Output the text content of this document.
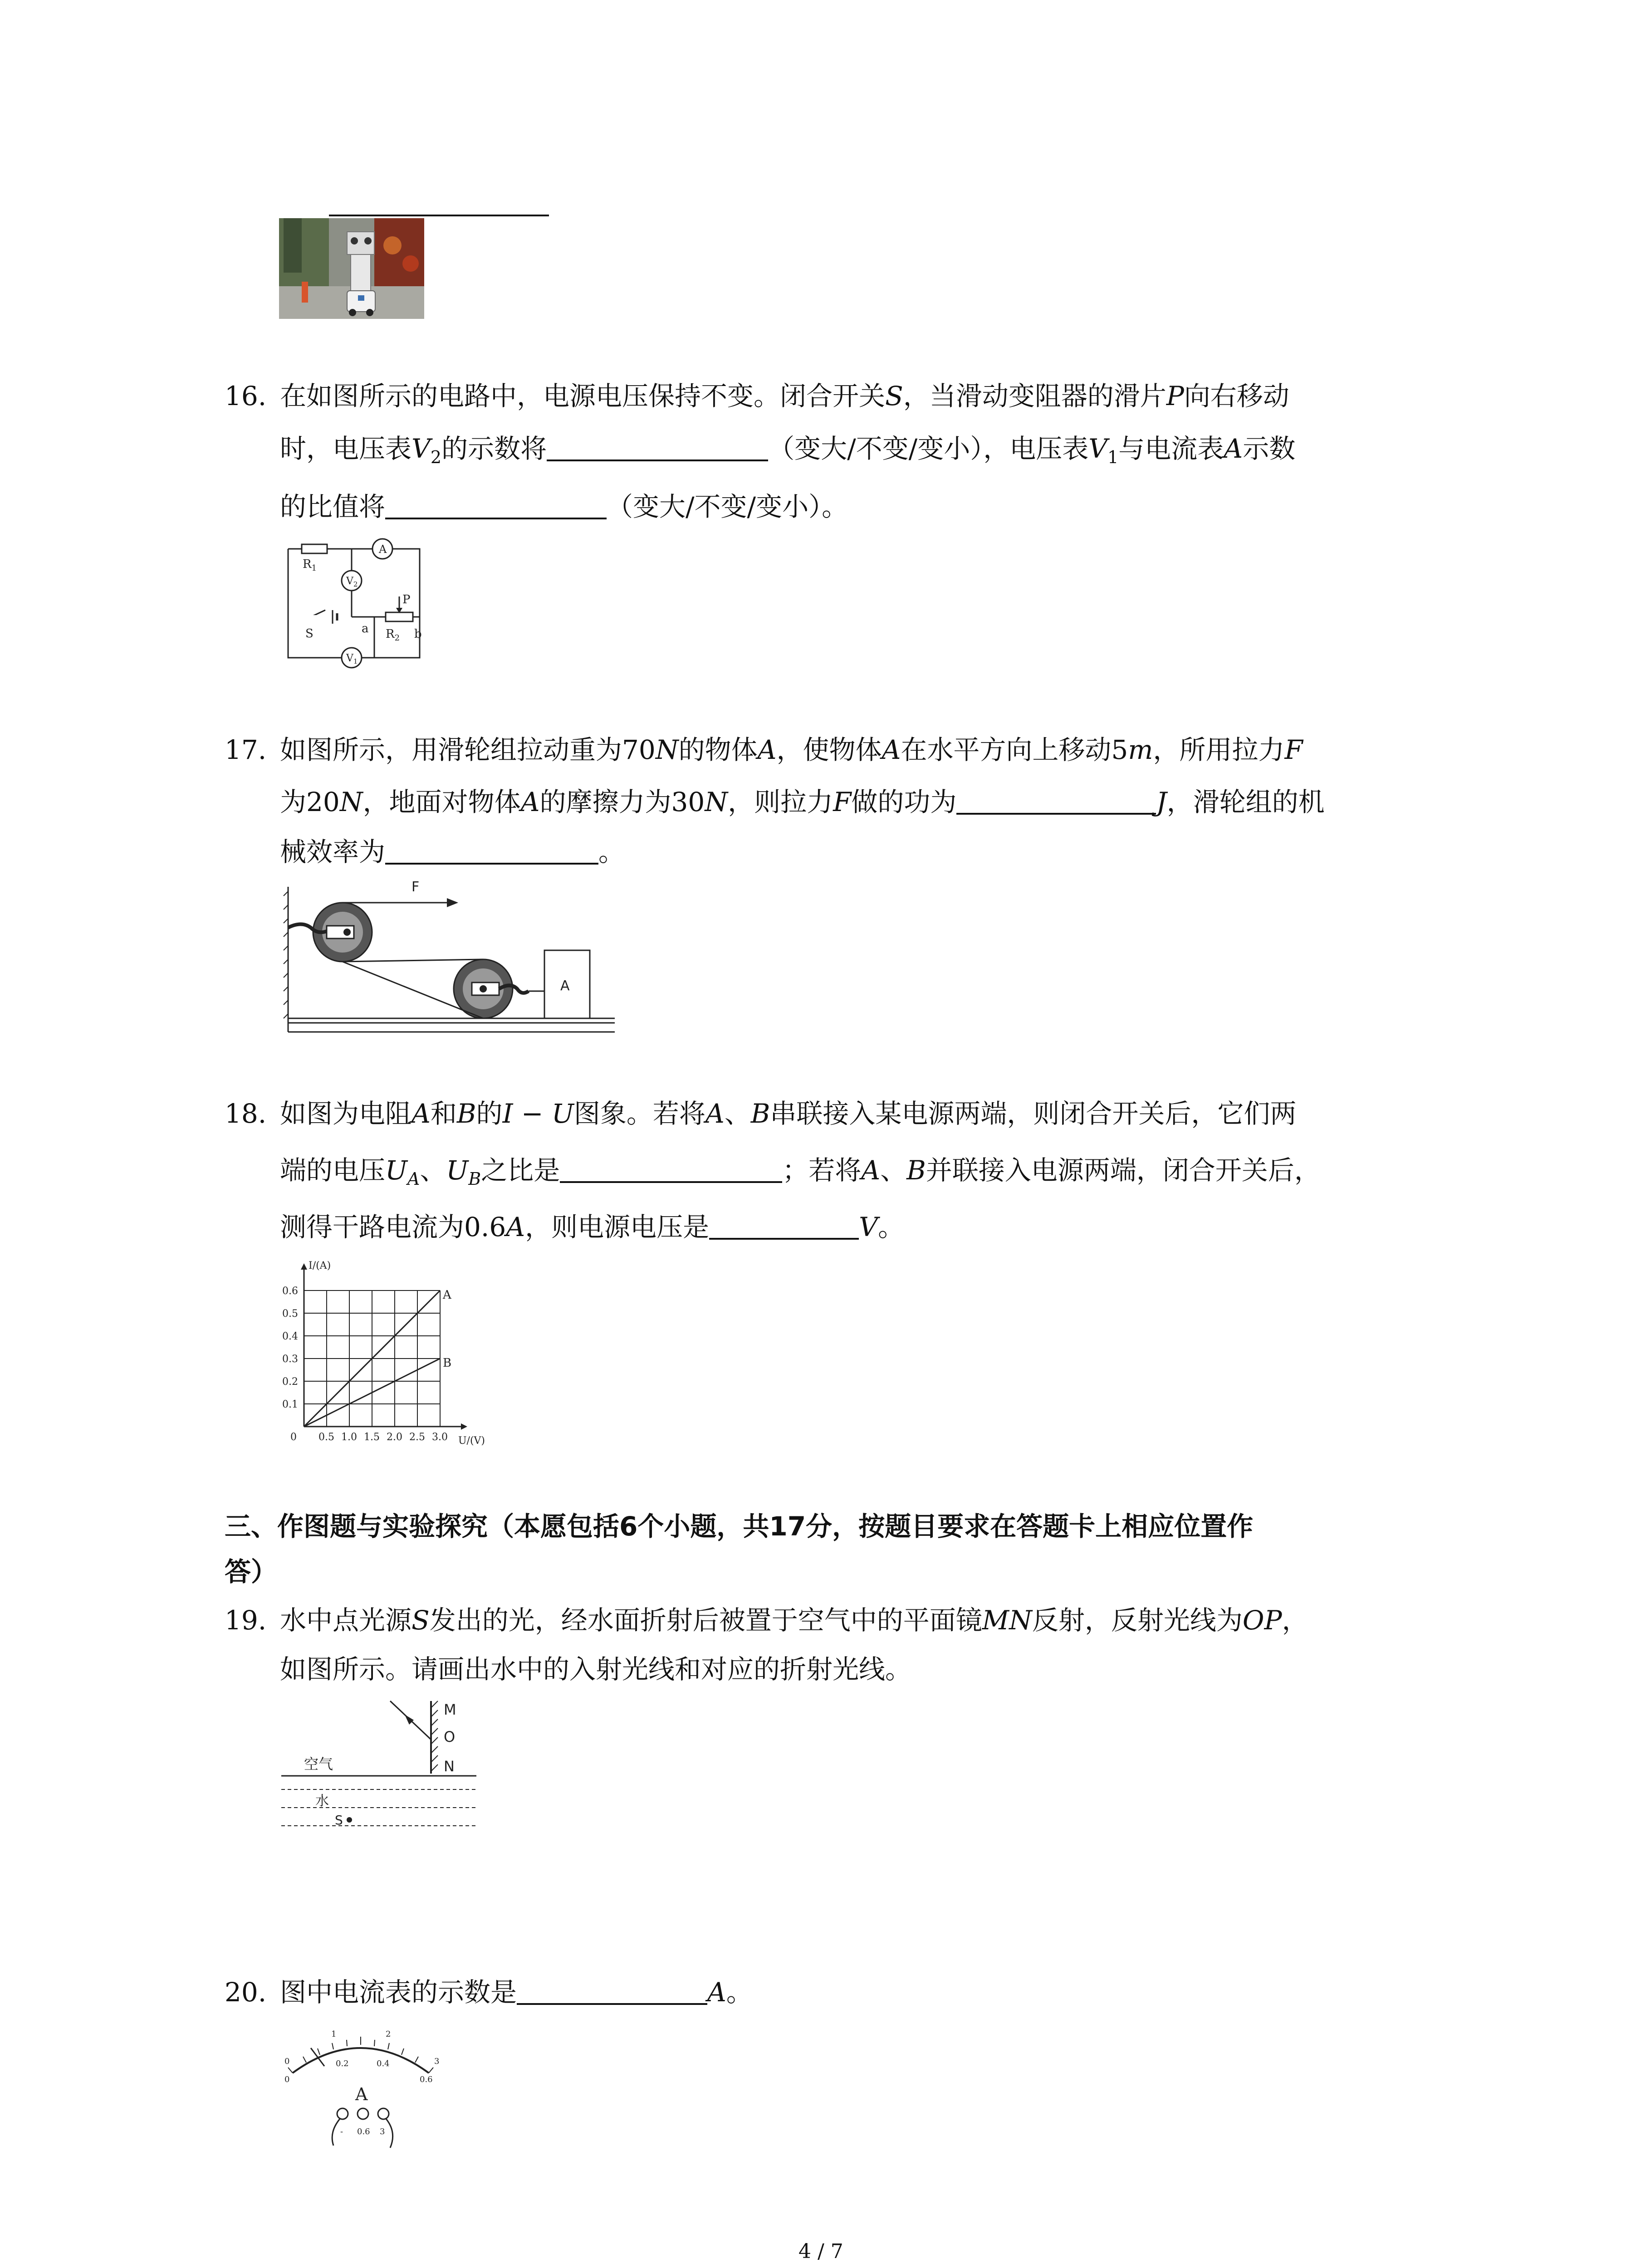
16. 在如图所示的电路中，电源电压保持不变。闭合开关S，当滑动变阻器的滑片P向右移动
时，电压表$V_2$的示数将	（变大/不变/变小），电压表$V_1$与电流表A示数
的比值将	（变大/不变/变小）。
$R_1$
A
$V_2$
$V_1$
P
S	a $R_2$ b
17. 如图所示，用滑轮组拉动重为70N的物体A，使物体A在水平方向上移动5m，所用拉力F
为20N，地面对物体A的摩擦力为30N，则拉力F做的功为	J，滑轮组的机
械效率为	。
F
A
18. 如图为电阻A和B的I − U图象。若将A、B串联接入某电源两端，则闭合开关后，它们两
端的电压$U_A$、$U_B$之比是	；若将A、B并联接入电源两端，闭合开关后，
测得干路电流为0.6A，则电源电压是	V。
0 0.5 1.0 1.5 2.0 2.5 3.0
0.1
0.2
0.3
0.4
0.5
0.6
U/(V)
I/(A)
A
B
三、作图题与实验探究（本愿包括6个小题，共17分，按题目要求在答题卡上相应位置作
答）
19. 水中点光源S发出的光，经水面折射后被置于空气中的平面镜MN反射，反射光线为OP，
如图所示。请画出水中的入射光线和对应的折射光线。
M
O
N
空气
水
S
20. 图中电流表的示数是	A。
0
1	2
3
0.2	0.4
0	0.6
A
- 0.6 3
4 / 7
